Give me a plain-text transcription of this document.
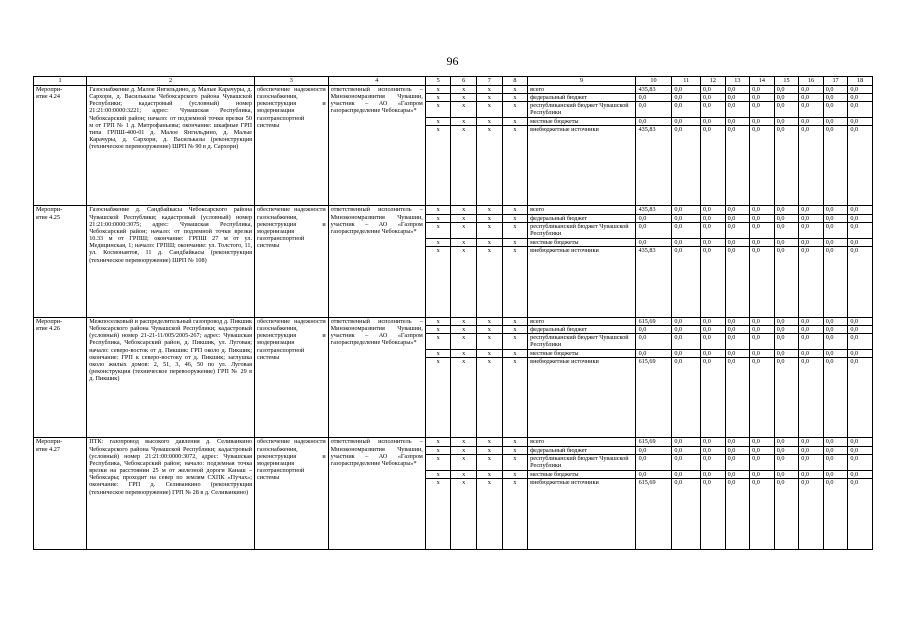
96
1	2	3	4	5	6	7	8	9	10	11	12	13	14	15	16	17	18

Меропри-
ятие 4.24	Газоснабжение д. Малое Янгильдино, д. Малые Карачуры, д. Сархори, д. Васильказы Чебоксарского района Чувашской Республики; кадастровый (условный) номер 21:21:00:0000:3221; адрес: Чувашская Республика, Чебоксарский район; начало: от подземной точки врезки 50 м от ГРП № 1 д. Митрофаньевы; окончание: шкафные ГРП типа ГРПШ-400-01 д. Малое Янгильдино, д. Малые Карачуры, д. Сархори, д. Васильказы (реконструкция (техническое перевооружение) ШРП № 90 в д. Сархори)	обеспечение надежности газоснабжения, реконструкция и модернизация газотранспортной системы	ответственный исполнитель – Минэкономразвития Чувашии, участник – АО «Газпром газораспределение Чебоксары»*	x	x	x	x	всего	435,83	0,0	0,0	0,0	0,0	0,0	0,0	0,0	0,0
				x	x	x	x	федеральный бюджет	0,0	0,0	0,0	0,0	0,0	0,0	0,0	0,0	0,0
				x	x	x	x	республиканский бюджет Чувашской Республики	0,0	0,0	0,0	0,0	0,0	0,0	0,0	0,0	0,0
				x	x	x	x	местные бюджеты	0,0	0,0	0,0	0,0	0,0	0,0	0,0	0,0	0,0
				x	x	x	x	внебюджетные источники	435,83	0,0	0,0	0,0	0,0	0,0	0,0	0,0	0,0

Меропри-
ятие 4.25	Газоснабжение д. Сандбайкасы Чебоксарского района Чувашской Республики; кадастровый (условный) номер 21:21:00:0000:3075; адрес: Чувашская Республика, Чебоксарский район; начало: от подземной точки врезки 10.33 м от ГРПШ; окончание: ГРПШ 27 м от ул. Медицинская, 1; начало: ГРПШ; окончание: ул. Толстого, 11, ул. Космонавтов, 11 д. Сандбайкасы (реконструкция (техническое перевооружение) ШРП № 108)	обеспечение надежности газоснабжения, реконструкция и модернизация газотранспортной системы	ответственный исполнитель – Минэкономразвития Чувашии, участник – АО «Газпром газораспределение Чебоксары»*	x	x	x	x	всего	435,83	0,0	0,0	0,0	0,0	0,0	0,0	0,0	0,0
				x	x	x	x	федеральный бюджет	0,0	0,0	0,0	0,0	0,0	0,0	0,0	0,0	0,0
				x	x	x	x	республиканский бюджет Чувашской Республики	0,0	0,0	0,0	0,0	0,0	0,0	0,0	0,0	0,0
				x	x	x	x	местные бюджеты	0,0	0,0	0,0	0,0	0,0	0,0	0,0	0,0	0,0
				x	x	x	x	внебюджетные источники	435,83	0,0	0,0	0,0	0,0	0,0	0,0	0,0	0,0

Меропри-
ятие 4.26	Межпоселковый и распределительный газопровод д. Пикшик Чебоксарского района Чувашской Республики; кадастровый (условный) номер 21-21-11/005/2005-267; адрес: Чувашская Республика, Чебоксарский район, д. Пикшик, ул. Луговая; начало: северо-восток от д. Пикшик: ГРП около д. Пикшик; окончание: ГРП к северо-востоку от д. Пикшик; заглушка около жилых домов: 2, 51, 3, 46, 50 по ул. Луговая (реконструкция (техническое перевооружение) ГРП № 29 в д. Пикшик)	обеспечение надежности газоснабжения, реконструкция и модернизация газотранспортной системы	ответственный исполнитель – Минэкономразвития Чувашии, участник – АО «Газпром газораспределение Чебоксары»*	x	x	x	x	всего	615,69	0,0	0,0	0,0	0,0	0,0	0,0	0,0	0,0
				x	x	x	x	федеральный бюджет	0,0	0,0	0,0	0,0	0,0	0,0	0,0	0,0	0,0
				x	x	x	x	республиканский бюджет Чувашской Республики	0,0	0,0	0,0	0,0	0,0	0,0	0,0	0,0	0,0
				x	x	x	x	местные бюджеты	0,0	0,0	0,0	0,0	0,0	0,0	0,0	0,0	0,0
				x	x	x	x	внебюджетные источники	615,69	0,0	0,0	0,0	0,0	0,0	0,0	0,0	0,0

Меропри-
ятие 4.27	ПТК: газопровод высокого давления д. Селиванкино Чебоксарского района Чувашской Республики; кадастровый (условный) номер 21:21:00:0000:3072, адрес: Чувашская Республика, Чебоксарский район; начало: подземная точка врезки на расстоянии 25 м от железной дороги Канаш – Чебоксары; проходит на север по землям СХПК «Пучах»; окончание: ГРП д. Селиванкино (реконструкция (техническое перевооружение) ГРП № 28 в д. Селиванкино)	обеспечение надежности газоснабжения, реконструкция и модернизация газотранспортной системы	ответственный исполнитель – Минэкономразвития Чувашии, участник – АО «Газпром газораспределение Чебоксары»*	x	x	x	x	всего	615,69	0,0	0,0	0,0	0,0	0,0	0,0	0,0	0,0
				x	x	x	x	федеральный бюджет	0,0	0,0	0,0	0,0	0,0	0,0	0,0	0,0	0,0
				x	x	x	x	республиканский бюджет Чувашской Республики	0,0	0,0	0,0	0,0	0,0	0,0	0,0	0,0	0,0
				x	x	x	x	местные бюджеты	0,0	0,0	0,0	0,0	0,0	0,0	0,0	0,0	0,0
				x	x	x	x	внебюджетные источники	615,69	0,0	0,0	0,0	0,0	0,0	0,0	0,0	0,0
